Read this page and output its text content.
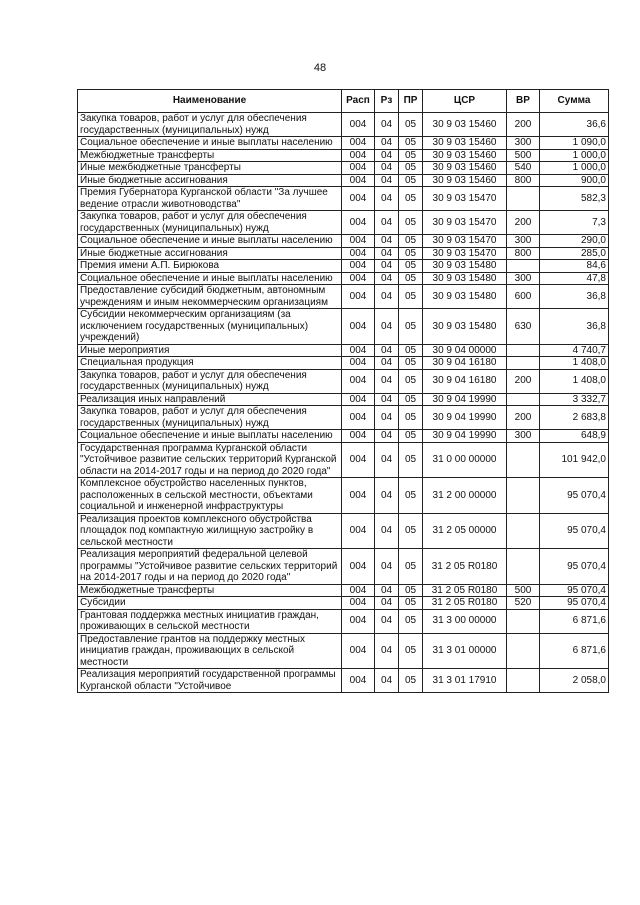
48
Наименование	Расп	Рз	ПР	ЦСР	ВР	Сумма
Закупка товаров, работ и услуг для обеспечения государственных (муниципальных) нужд	004	04	05	30 9 03 15460	200	36,6
Социальное обеспечение и иные выплаты населению	004	04	05	30 9 03 15460	300	1 090,0
Межбюджетные трансферты	004	04	05	30 9 03 15460	500	1 000,0
Иные межбюджетные трансферты	004	04	05	30 9 03 15460	540	1 000,0
Иные бюджетные ассигнования	004	04	05	30 9 03 15460	800	900,0
Премия Губернатора Курганской области "За лучшее ведение отрасли животноводства"	004	04	05	30 9 03 15470		582,3
Закупка товаров, работ и услуг для обеспечения государственных (муниципальных) нужд	004	04	05	30 9 03 15470	200	7,3
Социальное обеспечение и иные выплаты населению	004	04	05	30 9 03 15470	300	290,0
Иные бюджетные ассигнования	004	04	05	30 9 03 15470	800	285,0
Премия имени А.П. Бирюкова	004	04	05	30 9 03 15480		84,6
Социальное обеспечение и иные выплаты населению	004	04	05	30 9 03 15480	300	47,8
Предоставление субсидий бюджетным, автономным учреждениям и иным некоммерческим организациям	004	04	05	30 9 03 15480	600	36,8
Субсидии некоммерческим организациям (за исключением государственных (муниципальных) учреждений)	004	04	05	30 9 03 15480	630	36,8
Иные мероприятия	004	04	05	30 9 04 00000		4 740,7
Специальная продукция	004	04	05	30 9 04 16180		1 408,0
Закупка товаров, работ и услуг для обеспечения государственных (муниципальных) нужд	004	04	05	30 9 04 16180	200	1 408,0
Реализация иных направлений	004	04	05	30 9 04 19990		3 332,7
Закупка товаров, работ и услуг для обеспечения государственных (муниципальных) нужд	004	04	05	30 9 04 19990	200	2 683,8
Социальное обеспечение и иные выплаты населению	004	04	05	30 9 04 19990	300	648,9
Государственная программа Курганской области "Устойчивое развитие сельских территорий Курганской области на 2014-2017 годы и на период до 2020 года"	004	04	05	31 0 00 00000		101 942,0
Комплексное обустройство населенных пунктов, расположенных в сельской местности, объектами социальной и инженерной инфраструктуры	004	04	05	31 2 00 00000		95 070,4
Реализация проектов комплексного обустройства площадок под компактную жилищную застройку в сельской местности	004	04	05	31 2 05 00000		95 070,4
Реализация мероприятий федеральной целевой программы "Устойчивое развитие сельских территорий на 2014-2017 годы и на период до 2020 года"	004	04	05	31 2 05 R0180		95 070,4
Межбюджетные трансферты	004	04	05	31 2 05 R0180	500	95 070,4
Субсидии	004	04	05	31 2 05 R0180	520	95 070,4
Грантовая поддержка местных инициатив граждан, проживающих в сельской местности	004	04	05	31 3 00 00000		6 871,6
Предоставление грантов на поддержку местных инициатив граждан, проживающих в сельской местности	004	04	05	31 3 01 00000		6 871,6
Реализация мероприятий государственной программы Курганской области "Устойчивое	004	04	05	31 3 01 17910		2 058,0
